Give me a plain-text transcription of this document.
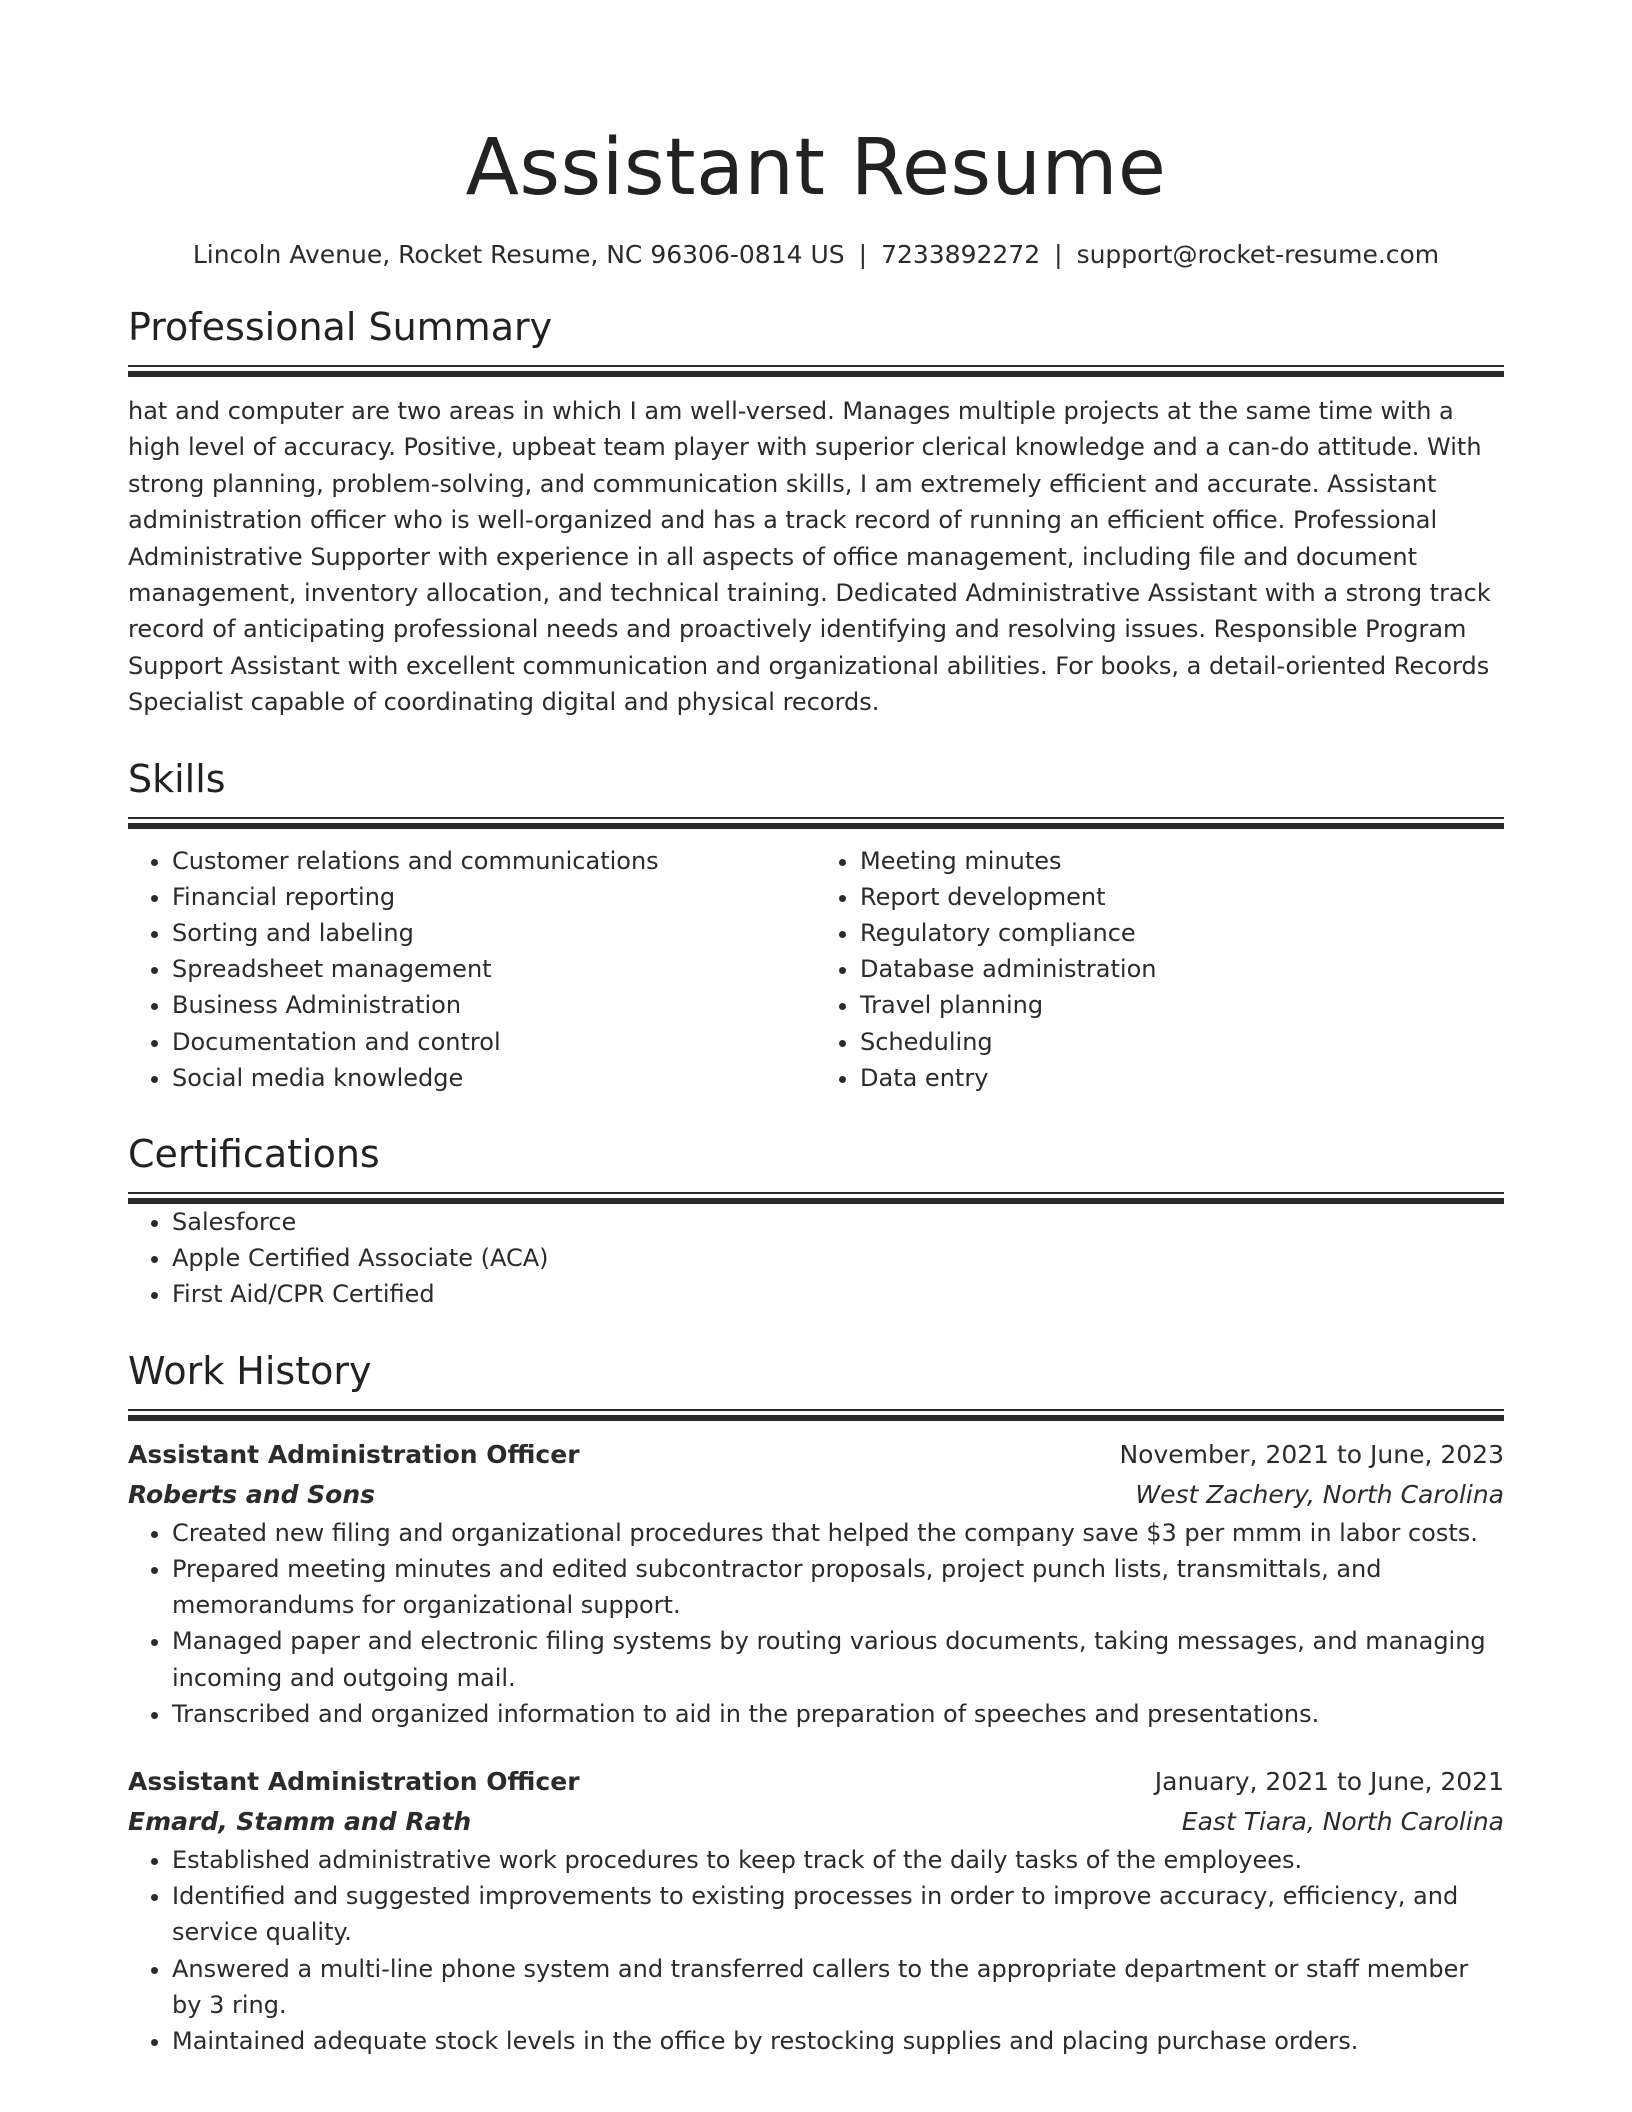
Assistant Resume
Lincoln Avenue, Rocket Resume, NC 96306-0814 US | 7233892272 | support@rocket-resume.com
Professional Summary

hat and computer are two areas in which I am well-versed. Manages multiple projects at the same time with a high level of accuracy. Positive, upbeat team player with superior clerical knowledge and a can-do attitude. With strong planning, problem-solving, and communication skills, I am extremely efficient and accurate. Assistant administration officer who is well-organized and has a track record of running an efficient office. Professional Administrative Supporter with experience in all aspects of office management, including file and document management, inventory allocation, and technical training. Dedicated Administrative Assistant with a strong track record of anticipating professional needs and proactively identifying and resolving issues. Responsible Program Support Assistant with excellent communication and organizational abilities. For books, a detail-oriented Records Specialist capable of coordinating digital and physical records.

Skills
• Customer relations and communications
• Financial reporting
• Sorting and labeling
• Spreadsheet management
• Business Administration
• Documentation and control
• Social media knowledge
• Meeting minutes
• Report development
• Regulatory compliance
• Database administration
• Travel planning
• Scheduling
• Data entry
Certifications
• Salesforce
• Apple Certified Associate (ACA)
• First Aid/CPR Certified
Work History
Assistant Administration Officer	November, 2021 to June, 2023
Roberts and Sons	West Zachery, North Carolina
• Created new filing and organizational procedures that helped the company save $3 per mmm in labor costs.
• Prepared meeting minutes and edited subcontractor proposals, project punch lists, transmittals, and memorandums for organizational support.
• Managed paper and electronic filing systems by routing various documents, taking messages, and managing incoming and outgoing mail.
• Transcribed and organized information to aid in the preparation of speeches and presentations.
Assistant Administration Officer	January, 2021 to June, 2021
Emard, Stamm and Rath	East Tiara, North Carolina
• Established administrative work procedures to keep track of the daily tasks of the employees.
• Identified and suggested improvements to existing processes in order to improve accuracy, efficiency, and service quality.
• Answered a multi-line phone system and transferred callers to the appropriate department or staff member by 3 ring.
• Maintained adequate stock levels in the office by restocking supplies and placing purchase orders.
